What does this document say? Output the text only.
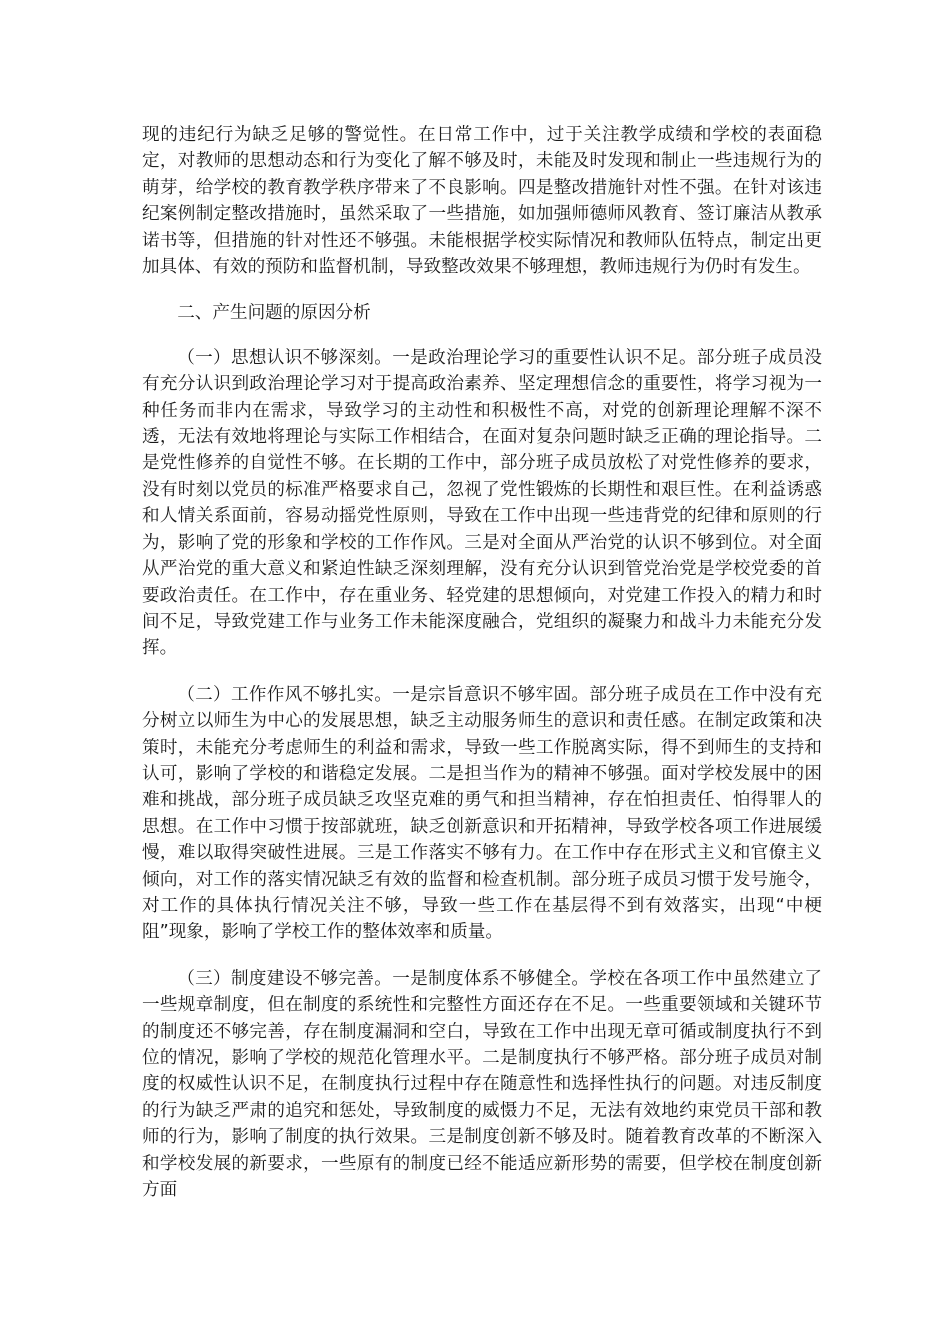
现的违纪行为缺乏足够的警觉性。在日常工作中，过于关注教学成绩和学校的表面稳定，对教师的思想动态和行为变化了解不够及时，未能及时发现和制止一些违规行为的萌芽，给学校的教育教学秩序带来了不良影响。四是整改措施针对性不强。在针对该违纪案例制定整改措施时，虽然采取了一些措施，如加强师德师风教育、签订廉洁从教承诺书等，但措施的针对性还不够强。未能根据学校实际情况和教师队伍特点，制定出更加具体、有效的预防和监督机制，导致整改效果不够理想，教师违规行为仍时有发生。

二、产生问题的原因分析

（一）思想认识不够深刻。一是政治理论学习的重要性认识不足。部分班子成员没有充分认识到政治理论学习对于提高政治素养、坚定理想信念的重要性，将学习视为一种任务而非内在需求，导致学习的主动性和积极性不高，对党的创新理论理解不深不透，无法有效地将理论与实际工作相结合，在面对复杂问题时缺乏正确的理论指导。二是党性修养的自觉性不够。在长期的工作中，部分班子成员放松了对党性修养的要求，没有时刻以党员的标准严格要求自己，忽视了党性锻炼的长期性和艰巨性。在利益诱惑和人情关系面前，容易动摇党性原则，导致在工作中出现一些违背党的纪律和原则的行为，影响了党的形象和学校的工作作风。三是对全面从严治党的认识不够到位。对全面从严治党的重大意义和紧迫性缺乏深刻理解，没有充分认识到管党治党是学校党委的首要政治责任。在工作中，存在重业务、轻党建的思想倾向，对党建工作投入的精力和时间不足，导致党建工作与业务工作未能深度融合，党组织的凝聚力和战斗力未能充分发挥。

（二）工作作风不够扎实。一是宗旨意识不够牢固。部分班子成员在工作中没有充分树立以师生为中心的发展思想，缺乏主动服务师生的意识和责任感。在制定政策和决策时，未能充分考虑师生的利益和需求，导致一些工作脱离实际，得不到师生的支持和认可，影响了学校的和谐稳定发展。二是担当作为的精神不够强。面对学校发展中的困难和挑战，部分班子成员缺乏攻坚克难的勇气和担当精神，存在怕担责任、怕得罪人的思想。在工作中习惯于按部就班，缺乏创新意识和开拓精神，导致学校各项工作进展缓慢，难以取得突破性进展。三是工作落实不够有力。在工作中存在形式主义和官僚主义倾向，对工作的落实情况缺乏有效的监督和检查机制。部分班子成员习惯于发号施令，对工作的具体执行情况关注不够，导致一些工作在基层得不到有效落实，出现“中梗阻”现象，影响了学校工作的整体效率和质量。

（三）制度建设不够完善。一是制度体系不够健全。学校在各项工作中虽然建立了一些规章制度，但在制度的系统性和完整性方面还存在不足。一些重要领域和关键环节的制度还不够完善，存在制度漏洞和空白，导致在工作中出现无章可循或制度执行不到位的情况，影响了学校的规范化管理水平。二是制度执行不够严格。部分班子成员对制度的权威性认识不足，在制度执行过程中存在随意性和选择性执行的问题。对违反制度的行为缺乏严肃的追究和惩处，导致制度的威慑力不足，无法有效地约束党员干部和教师的行为，影响了制度的执行效果。三是制度创新不够及时。随着教育改革的不断深入和学校发展的新要求，一些原有的制度已经不能适应新形势的需要，但学校在制度创新方面
